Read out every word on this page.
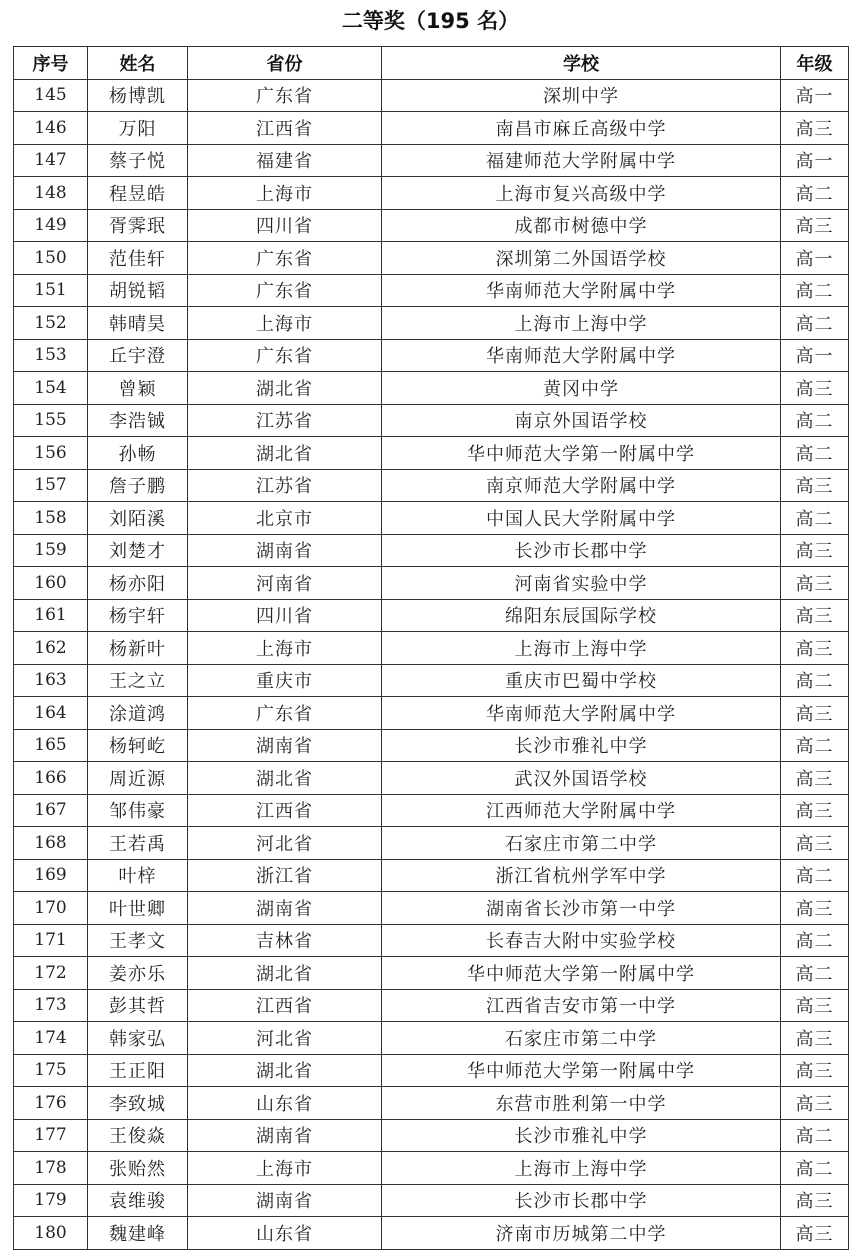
二等奖（195 名）
序号	姓名	省份	学校	年级
145	杨博凯	广东省	深圳中学	高一
146	万阳	江西省	南昌市麻丘高级中学	高三
147	蔡子悦	福建省	福建师范大学附属中学	高一
148	程昱皓	上海市	上海市复兴高级中学	高二
149	胥霁珉	四川省	成都市树德中学	高三
150	范佳轩	广东省	深圳第二外国语学校	高一
151	胡锐韬	广东省	华南师范大学附属中学	高二
152	韩晴昊	上海市	上海市上海中学	高二
153	丘宇澄	广东省	华南师范大学附属中学	高一
154	曾颖	湖北省	黄冈中学	高三
155	李浩铖	江苏省	南京外国语学校	高二
156	孙畅	湖北省	华中师范大学第一附属中学	高二
157	詹子鹏	江苏省	南京师范大学附属中学	高三
158	刘陌溪	北京市	中国人民大学附属中学	高二
159	刘楚才	湖南省	长沙市长郡中学	高三
160	杨亦阳	河南省	河南省实验中学	高三
161	杨宇轩	四川省	绵阳东辰国际学校	高三
162	杨新叶	上海市	上海市上海中学	高三
163	王之立	重庆市	重庆市巴蜀中学校	高二
164	涂道鸿	广东省	华南师范大学附属中学	高三
165	杨轲屹	湖南省	长沙市雅礼中学	高二
166	周近源	湖北省	武汉外国语学校	高三
167	邹伟豪	江西省	江西师范大学附属中学	高三
168	王若禹	河北省	石家庄市第二中学	高三
169	叶梓	浙江省	浙江省杭州学军中学	高二
170	叶世卿	湖南省	湖南省长沙市第一中学	高三
171	王孝文	吉林省	长春吉大附中实验学校	高二
172	姜亦乐	湖北省	华中师范大学第一附属中学	高二
173	彭其哲	江西省	江西省吉安市第一中学	高三
174	韩家弘	河北省	石家庄市第二中学	高三
175	王正阳	湖北省	华中师范大学第一附属中学	高三
176	李致城	山东省	东营市胜利第一中学	高三
177	王俊焱	湖南省	长沙市雅礼中学	高二
178	张贻然	上海市	上海市上海中学	高二
179	袁维骏	湖南省	长沙市长郡中学	高三
180	魏建峰	山东省	济南市历城第二中学	高三
